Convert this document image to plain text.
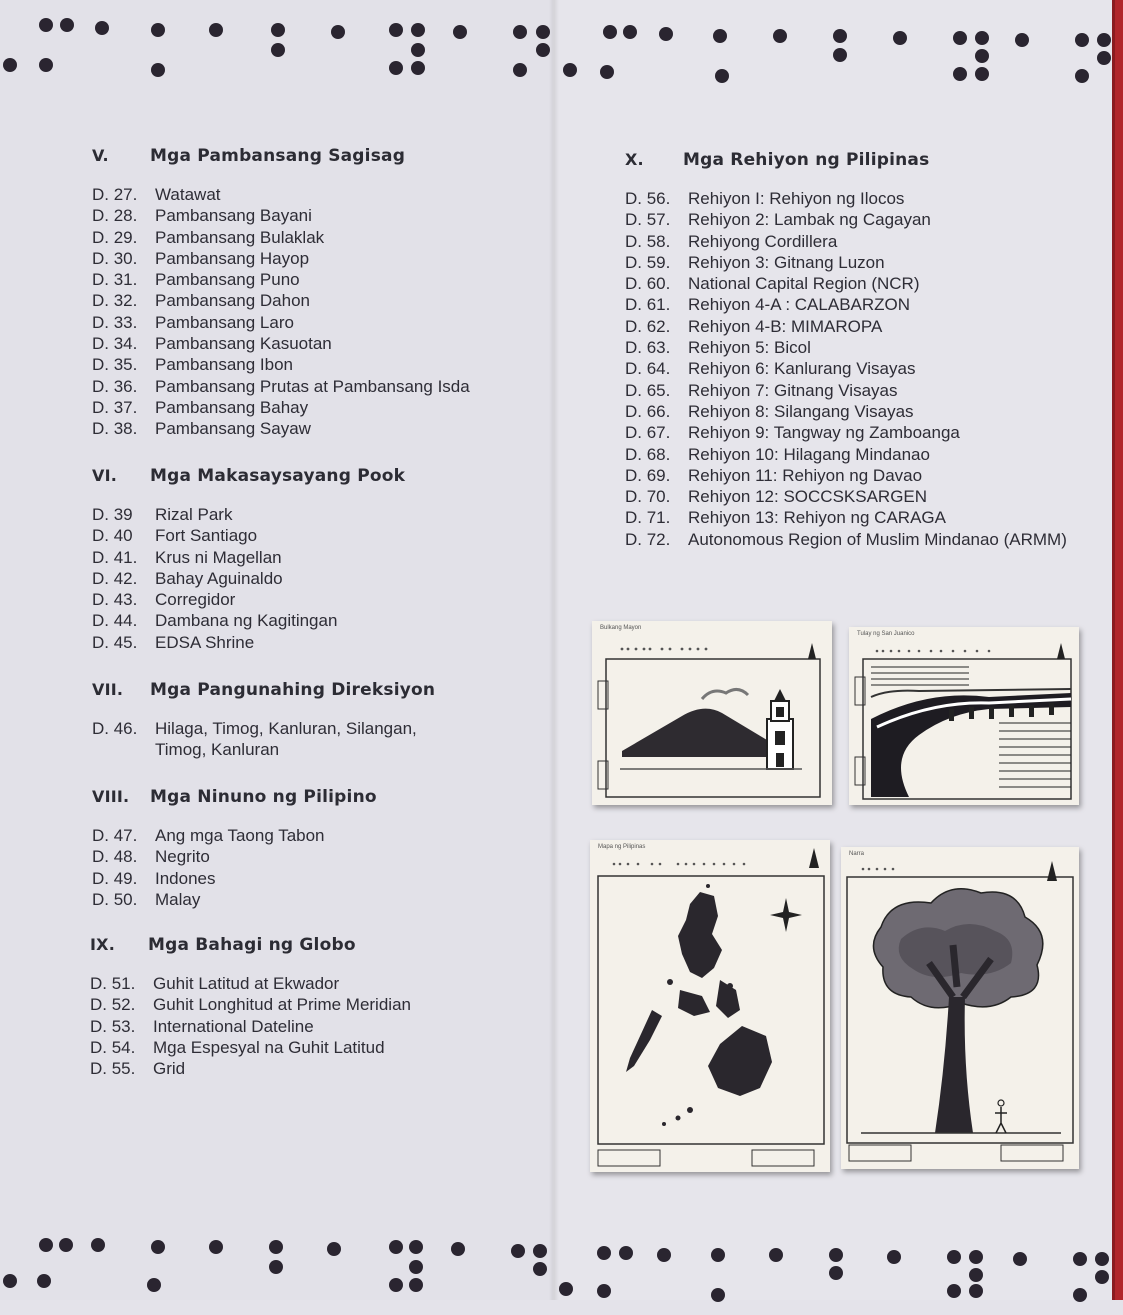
V.	Mga Pambansang Sagisag
D. 27.	Watawat
D. 28.	Pambansang Bayani
D. 29.	Pambansang Bulaklak
D. 30.	Pambansang Hayop
D. 31.	Pambansang Puno
D. 32.	Pambansang Dahon
D. 33.	Pambansang Laro
D. 34.	Pambansang Kasuotan
D. 35.	Pambansang Ibon
D. 36.	Pambansang Prutas at Pambansang Isda
D. 37.	Pambansang Bahay
D. 38.	Pambansang Sayaw
VI.	Mga Makasaysayang Pook
D. 39	Rizal Park
D. 40	Fort Santiago
D. 41.	Krus ni Magellan
D. 42.	Bahay Aguinaldo
D. 43.	Corregidor
D. 44.	Dambana ng Kagitingan
D. 45.	EDSA Shrine
VII.	Mga Pangunahing Direksiyon
D. 46.	Hilaga, Timog, Kanluran, Silangan, Timog, Kanluran
VIII.	Mga Ninuno ng Pilipino
D. 47.	Ang mga Taong Tabon
D. 48.	Negrito
D. 49.	Indones
D. 50.	Malay
IX.	Mga Bahagi ng Globo
D. 51.	Guhit Latitud at Ekwador
D. 52.	Guhit Longhitud at Prime Meridian
D. 53.	International Dateline
D. 54.	Mga Espesyal na Guhit Latitud
D. 55.	Grid
X.	Mga Rehiyon ng Pilipinas
D. 56.	Rehiyon I: Rehiyon ng Ilocos
D. 57.	Rehiyon 2: Lambak ng Cagayan
D. 58.	Rehiyong Cordillera
D. 59.	Rehiyon 3: Gitnang Luzon
D. 60.	National Capital Region (NCR)
D. 61.	Rehiyon 4-A : CALABARZON
D. 62.	Rehiyon 4-B: MIMAROPA
D. 63.	Rehiyon 5: Bicol
D. 64.	Rehiyon 6: Kanlurang Visayas
D. 65.	Rehiyon 7: Gitnang Visayas
D. 66.	Rehiyon 8: Silangang Visayas
D. 67.	Rehiyon 9: Tangway ng Zamboanga
D. 68.	Rehiyon 10: Hilagang Mindanao
D. 69.	Rehiyon 11: Rehiyon ng Davao
D. 70.	Rehiyon 12: SOCCSKSARGEN
D. 71.	Rehiyon 13: Rehiyon ng CARAGA
D. 72.	Autonomous Region of Muslim Mindanao (ARMM)
Bulkang Mayon
Tulay ng San Juanico
Mapa ng Pilipinas
Narra
